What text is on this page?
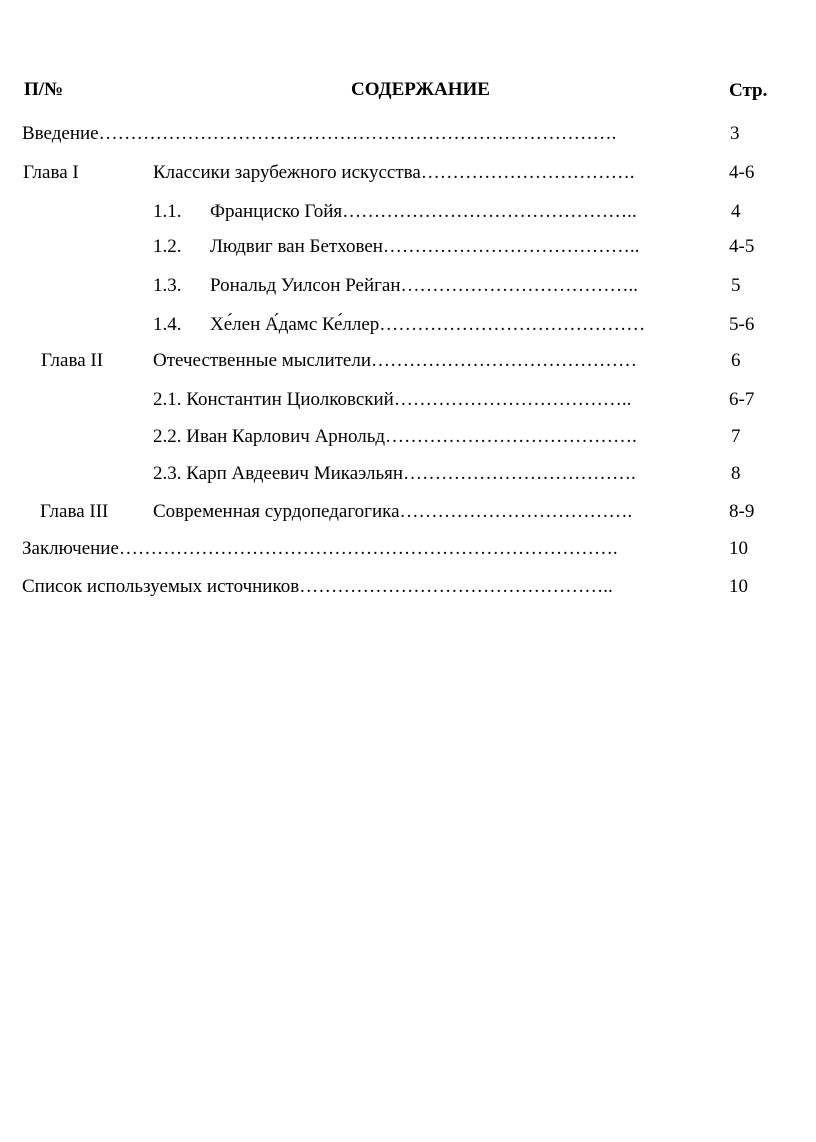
П/№	СОДЕРЖАНИЕ	Стр.
Введение……………………………………………………………………….	3
Глава I	Классики зарубежного искусства…………………………….	4-6
1.1. Франциско Гойя………………………………………..	4
1.2. Людвиг ван Бетховен…………………………………..	4-5
1.3. Рональд Уилсон Рейган………………………………..	5
1.4. Хе́лен А́дамс Ке́ллер……………………………………	5-6
Глава II	Отечественные мыслители……………………………………	6
2.1. Константин Циолковский………………………………..	6-7
2.2. Иван Карлович Арнольд………………………………….	7
2.3. Карп Авдеевич Микаэльян……………………………….	8
Глава III Современная сурдопедагогика……………………………….	8-9
Заключение…………………………………………………………………….	10
Список используемых источников…………………………………………..	10
